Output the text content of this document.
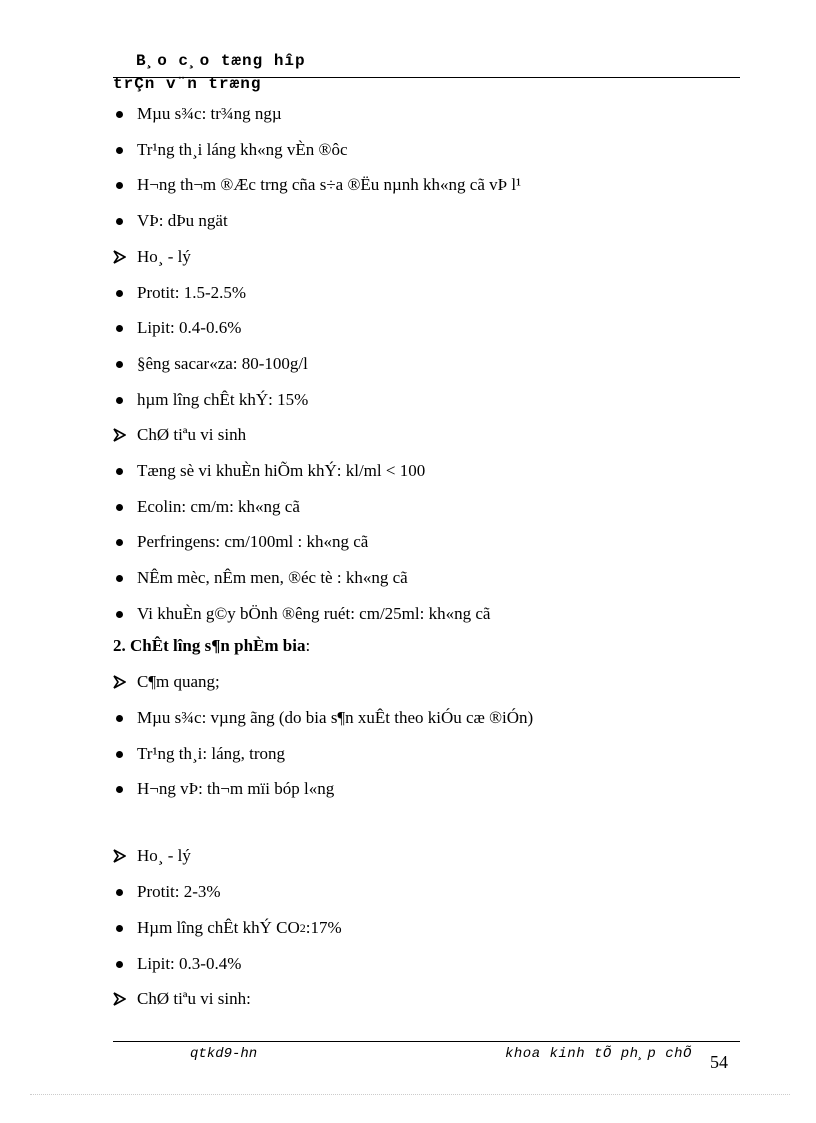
B¸o c¸o tæng hîp
trÇn v¨n træng
Mµu s¾c: tr¾ng ngµ
Tr¹ng th¸i láng kh«ng vÈn ®ôc
H¬ng th¬m ®Æc trng cña s÷a ®Ëu nµnh kh«ng cã vÞ l¹
VÞ: dÞu ngät
Ho¸ - lý
Protit: 1.5-2.5%
Lipit: 0.4-0.6%
§êng sacar«za: 80-100g/l
hµm lîng chÊt khÝ: 15%
ChØ tiªu vi sinh
Tæng sè vi khuÈn hiÕm khÝ: kl/ml < 100
Ecolin: cm/m: kh«ng cã
Perfringens: cm/100ml : kh«ng cã
NÊm mèc, nÊm men, ®éc tè : kh«ng cã
Vi khuÈn g©y bÖnh ®êng ruét: cm/25ml: kh«ng cã
2. ChÊt lîng s¶n phÈm bia :
C¶m quang;
Mµu s¾c: vµng ãng (do bia s¶n xuÊt theo kiÓu cæ ®iÓn)
Tr¹ng th¸i: láng, trong
H¬ng vÞ: th¬m mïi bóp l«ng
Ho¸ - lý
Protit: 2-3%
Hµm lîng chÊt khÝ CO 2 :17%
Lipit: 0.3-0.4%
ChØ tiªu vi sinh:
qtkd9-hn	khoa kinh tÕ ph¸p chÕ 54
